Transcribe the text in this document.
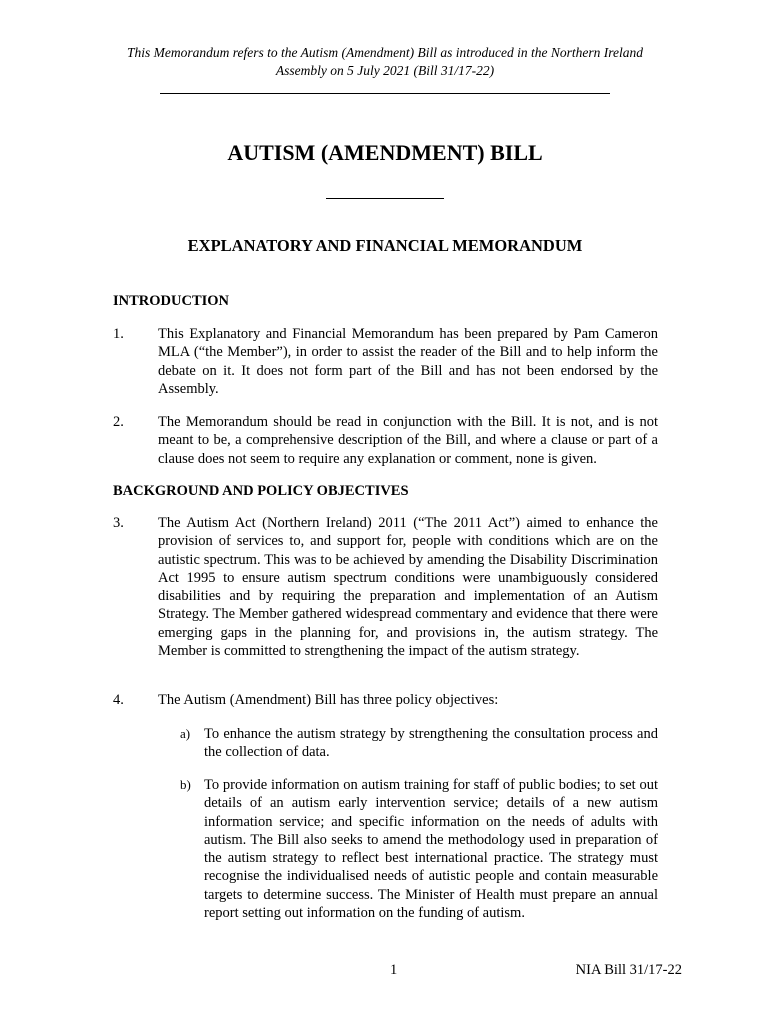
This Memorandum refers to the Autism (Amendment) Bill as introduced in the Northern Ireland Assembly on 5 July 2021 (Bill 31/17-22)
AUTISM (AMENDMENT) BILL
EXPLANATORY AND FINANCIAL MEMORANDUM
INTRODUCTION
1. This Explanatory and Financial Memorandum has been prepared by Pam Cameron MLA (“the Member”), in order to assist the reader of the Bill and to help inform the debate on it. It does not form part of the Bill and has not been endorsed by the Assembly.
2. The Memorandum should be read in conjunction with the Bill. It is not, and is not meant to be, a comprehensive description of the Bill, and where a clause or part of a clause does not seem to require any explanation or comment, none is given.
BACKGROUND AND POLICY OBJECTIVES
3. The Autism Act (Northern Ireland) 2011 (“The 2011 Act”) aimed to enhance the provision of services to, and support for, people with conditions which are on the autistic spectrum. This was to be achieved by amending the Disability Discrimination Act 1995 to ensure autism spectrum conditions were unambiguously considered disabilities and by requiring the preparation and implementation of an Autism Strategy. The Member gathered widespread commentary and evidence that there were emerging gaps in the planning for, and provisions in, the autism strategy. The Member is committed to strengthening the impact of the autism strategy.
4. The Autism (Amendment) Bill has three policy objectives:
a) To enhance the autism strategy by strengthening the consultation process and the collection of data.
b) To provide information on autism training for staff of public bodies; to set out details of an autism early intervention service; details of a new autism information service; and specific information on the needs of adults with autism. The Bill also seeks to amend the methodology used in preparation of the autism strategy to reflect best international practice. The strategy must recognise the individualised needs of autistic people and contain measurable targets to determine success. The Minister of Health must prepare an annual report setting out information on the funding of autism.
1	NIA Bill 31/17-22
